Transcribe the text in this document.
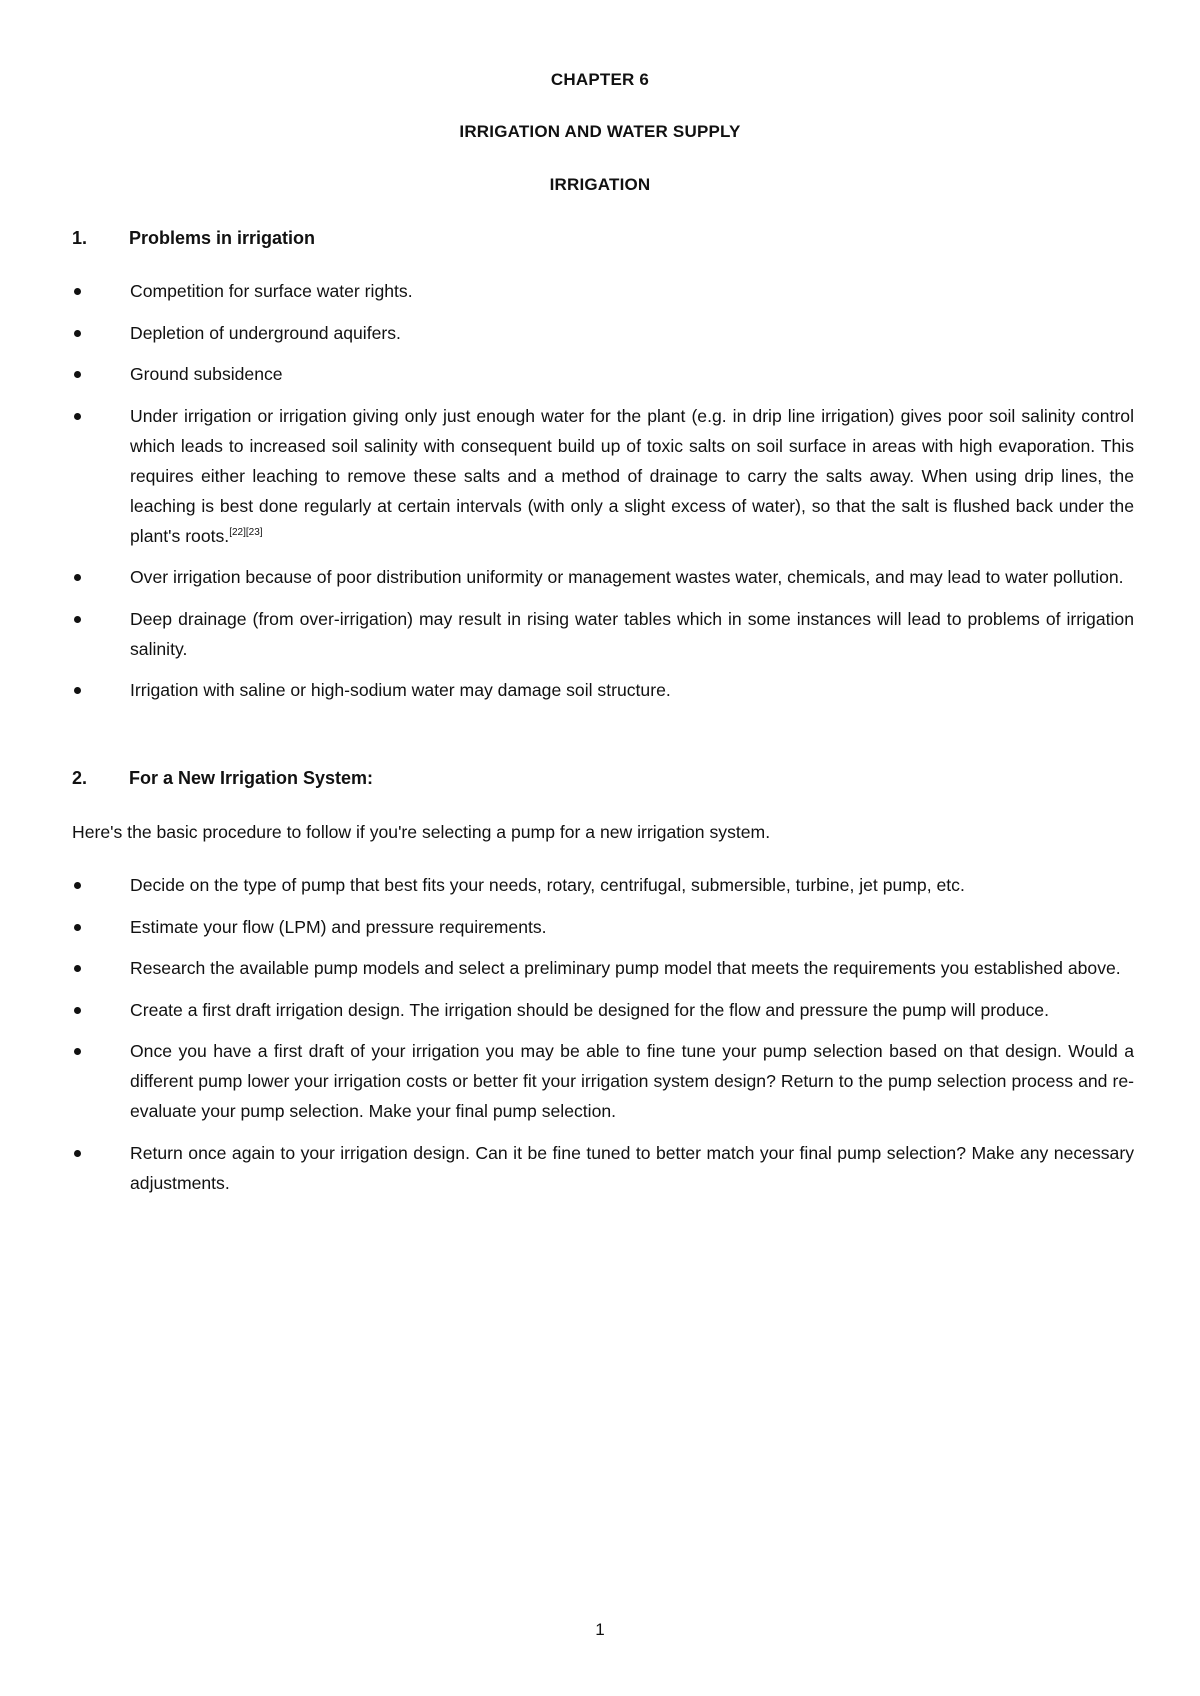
CHAPTER 6
IRRIGATION AND WATER SUPPLY
IRRIGATION
1. Problems in irrigation
Competition for surface water rights.
Depletion of underground aquifers.
Ground subsidence
Under irrigation or irrigation giving only just enough water for the plant (e.g. in drip line irrigation) gives poor soil salinity control which leads to increased soil salinity with consequent build up of toxic salts on soil surface in areas with high evaporation. This requires either leaching to remove these salts and a method of drainage to carry the salts away. When using drip lines, the leaching is best done regularly at certain intervals (with only a slight excess of water), so that the salt is flushed back under the plant's roots.[22][23]
Over irrigation because of poor distribution uniformity or management wastes water, chemicals, and may lead to water pollution.
Deep drainage (from over-irrigation) may result in rising water tables which in some instances will lead to problems of irrigation salinity.
Irrigation with saline or high-sodium water may damage soil structure.
2. For a New Irrigation System:
Here's the basic procedure to follow if you're selecting a pump for a new irrigation system.
Decide on the type of pump that best fits your needs, rotary, centrifugal, submersible, turbine, jet pump, etc.
Estimate your flow (LPM) and pressure requirements.
Research the available pump models and select a preliminary pump model that meets the requirements you established above.
Create a first draft irrigation design. The irrigation should be designed for the flow and pressure the pump will produce.
Once you have a first draft of your irrigation you may be able to fine tune your pump selection based on that design. Would a different pump lower your irrigation costs or better fit your irrigation system design? Return to the pump selection process and re-evaluate your pump selection. Make your final pump selection.
Return once again to your irrigation design. Can it be fine tuned to better match your final pump selection? Make any necessary adjustments.
1
